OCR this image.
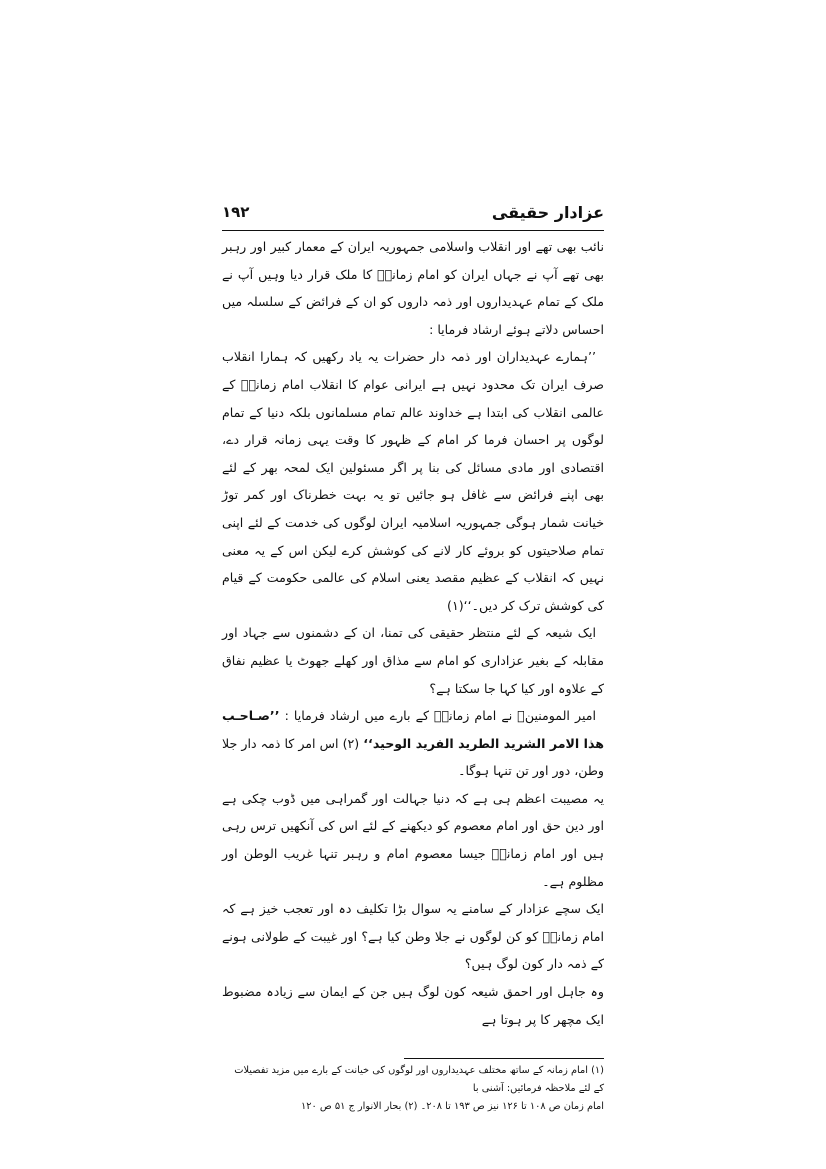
عزادار حقیقی
۱۹۲

نائب بھی تھے اور انقلاب واسلامی جمہوریہ ایران کے معمار کبیر اور رہبر بھی تھے آپ نے جہاں ایران کو امام زمانہؑ کا ملک قرار دیا وہیں آپ نے ملک کے تمام عہدیداروں اور ذمہ داروں کو ان کے فرائض کے سلسلہ میں احساس دلاتے ہوئے ارشاد فرمایا :

’’ہمارے عہدیداران اور ذمہ دار حضرات یہ یاد رکھیں کہ ہمارا انقلاب صرف ایران تک محدود نہیں ہے ایرانی عوام کا انقلاب امام زمانہؑ کے عالمی انقلاب کی ابتدا ہے خداوند عالم تمام مسلمانوں بلکہ دنیا کے تمام لوگوں پر احسان فرما کر امام کے ظہور کا وقت یہی زمانہ قرار دے، اقتصادی اور مادی مسائل کی بنا پر اگر مسئولین ایک لمحہ بھر کے لئے بھی اپنے فرائض سے غافل ہو جائیں تو یہ بہت خطرناک اور کمر توڑ خیانت شمار ہوگی جمہوریہ اسلامیہ ایران لوگوں کی خدمت کے لئے اپنی تمام صلاحیتوں کو بروئے کار لانے کی کوشش کرے لیکن اس کے یہ معنی نہیں کہ انقلاب کے عظیم مقصد یعنی اسلام کی عالمی حکومت کے قیام کی کوشش ترک کر دیں۔‘‘(۱)

ایک شیعہ کے لئے منتظر حقیقی کی تمنا، ان کے دشمنوں سے جہاد اور مقابلہ کے بغیر عزاداری کو امام سے مذاق اور کھلے جھوٹ یا عظیم نفاق کے علاوہ اور کیا کہا جا سکتا ہے؟

امیر المومنینؑ نے امام زمانہؑ کے بارے میں ارشاد فرمایا : ’’صـاحـب هذا الامر الشريد الطريد الفريد الوحيد‘‘ (۲) اس امر کا ذمہ دار جلا وطن، دور اور تن تنہا ہوگا۔

یہ مصیبت اعظم ہی ہے کہ دنیا جہالت اور گمراہی میں ڈوب چکی ہے اور دین حق اور امام معصوم کو دیکھنے کے لئے اس کی آنکھیں ترس رہی ہیں اور امام زمانہؑ جیسا معصوم امام و رہبر تنہا غریب الوطن اور مظلوم ہے۔

ایک سچے عزادار کے سامنے یہ سوال بڑا تکلیف دہ اور تعجب خیز ہے کہ امام زمانہؑ کو کن لوگوں نے جلا وطن کیا ہے؟ اور غیبت کے طولانی ہونے کے ذمہ دار کون لوگ ہیں؟

وہ جاہل اور احمق شیعہ کون لوگ ہیں جن کے ایمان سے زیادہ مضبوط ایک مچھر کا پر ہوتا ہے

(۱) امام زمانہ کے ساتھ مختلف عہدیداروں اور لوگوں کی خیانت کے بارے میں مزید تفصیلات کے لئے ملاحظہ فرمائیں: آشنی با

امام زمان ص ۱۰۸ تا ۱۲۶ نیز ص ۱۹۳ تا ۲۰۸۔ (۲) بحار الانوار ج ۵۱ ص ۱۲۰
